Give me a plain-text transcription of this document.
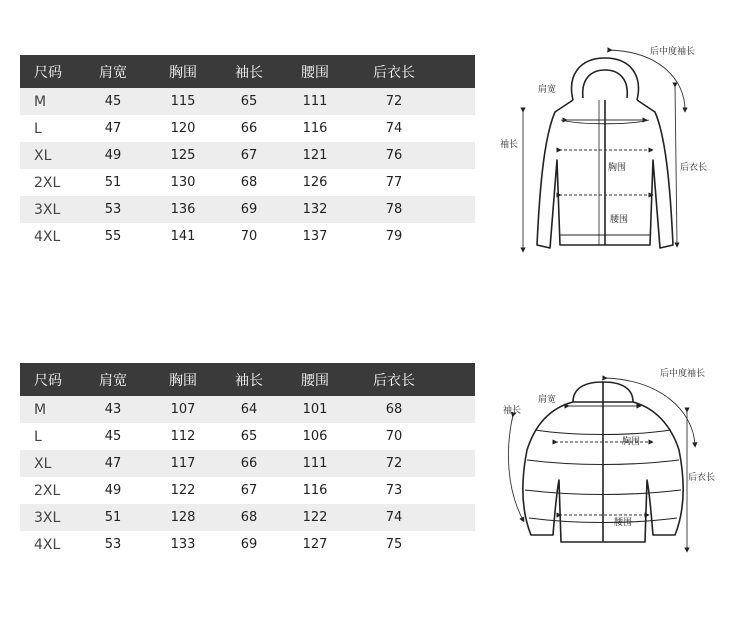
尺码	肩宽	胸围	袖长	腰围	后衣长
M	45	115	65	111	72
L	47	120	66	116	74
XL	49	125	67	121	76
2XL	51	130	68	126	77
3XL	53	136	69	132	78
4XL	55	141	70	137	79
尺码	肩宽	胸围	袖长	腰围	后衣长
M	43	107	64	101	68
L	45	112	65	106	70
XL	47	117	66	111	72
2XL	49	122	67	116	73
3XL	51	128	68	122	74
4XL	53	133	69	127	75
后中度袖长
肩宽
袖长
胸围
腰围
后衣长
后中度袖长
肩宽
袖长
胸围
腰围
后衣长
